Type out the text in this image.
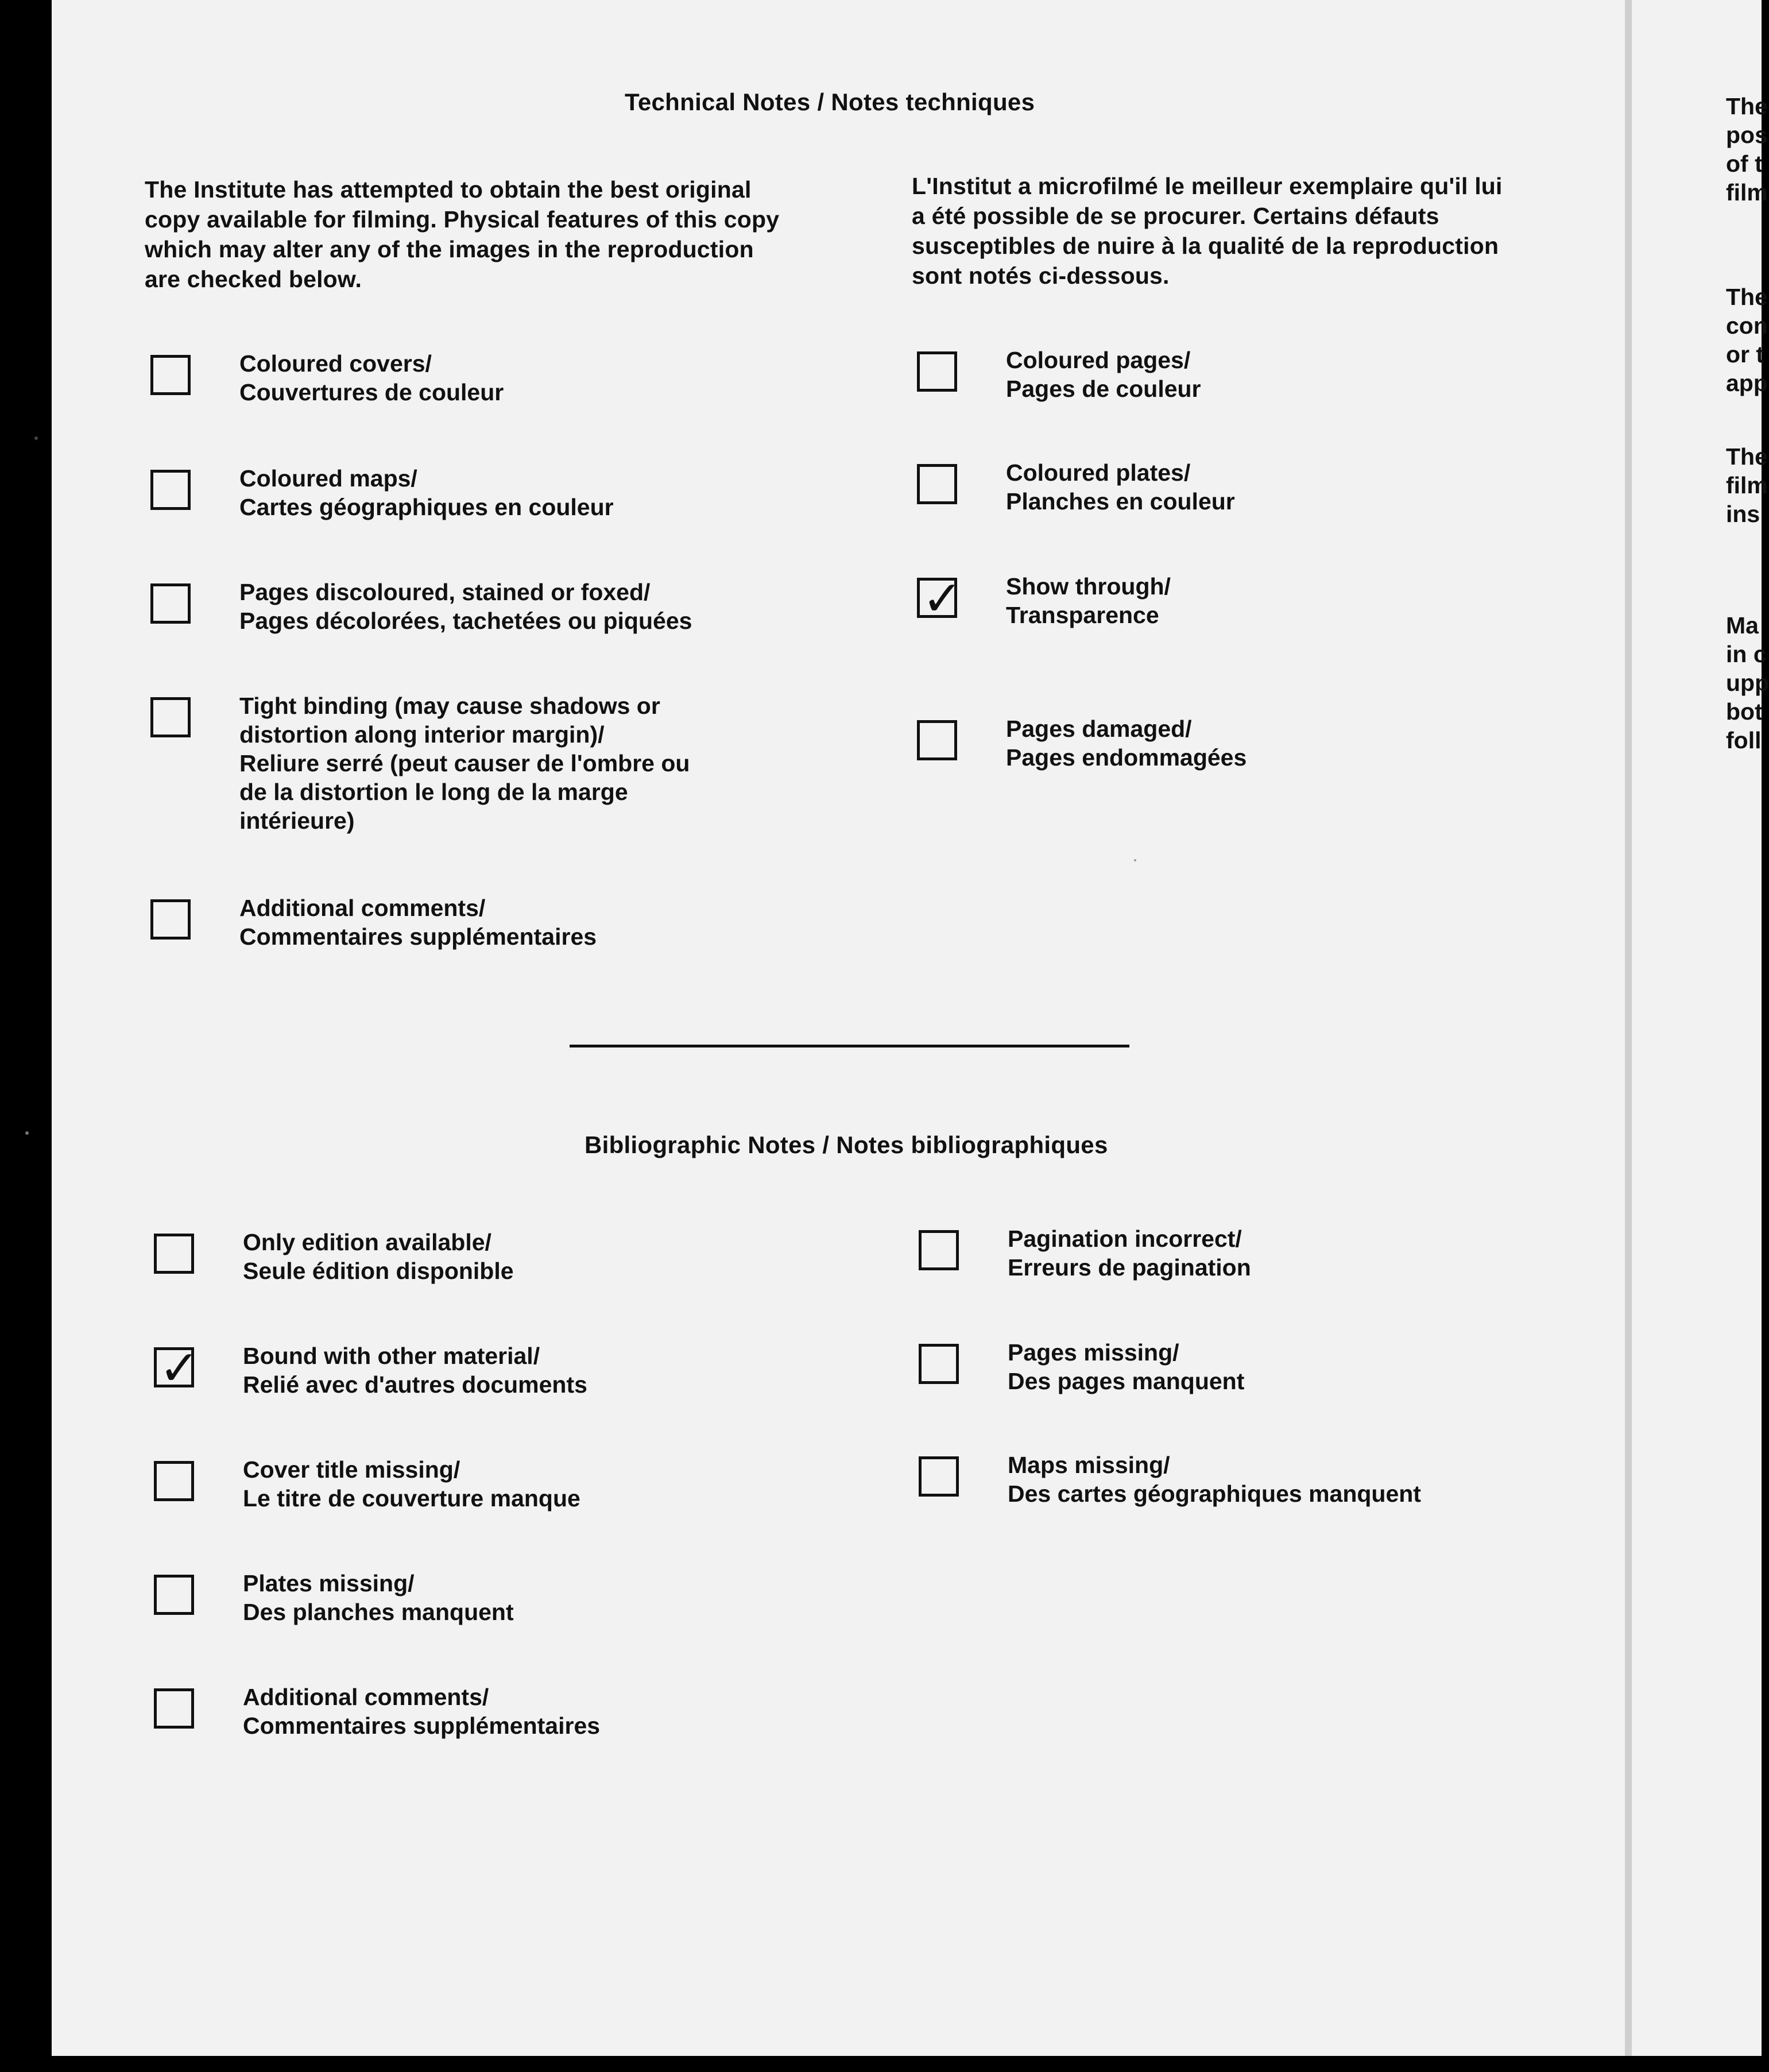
Technical Notes / Notes techniques
The Institute has attempted to obtain the best original copy available for filming. Physical features of this copy which may alter any of the images in the reproduction are checked below.
L'Institut a microfilmé le meilleur exemplaire qu'il lui a été possible de se procurer. Certains défauts susceptibles de nuire à la qualité de la reproduction sont notés ci-dessous.
Coloured covers/
Couvertures de couleur
Coloured maps/
Cartes géographiques en couleur
Pages discoloured, stained or foxed/
Pages décolorées, tachetées ou piquées
Tight binding (may cause shadows or
distortion along interior margin)/
Reliure serré (peut causer de l'ombre ou
de la distortion le long de la marge
intérieure)
Additional comments/
Commentaires supplémentaires
Coloured pages/
Pages de couleur
Coloured plates/
Planches en couleur
✓ Show through/
Transparence
Pages damaged/
Pages endommagées
Bibliographic Notes / Notes bibliographiques
Only edition available/
Seule édition disponible
✓ Bound with other material/
Relié avec d'autres documents
Cover title missing/
Le titre de couverture manque
Plates missing/
Des planches manquent
Additional comments/
Commentaires supplémentaires
Pagination incorrect/
Erreurs de pagination
Pages missing/
Des pages manquent
Maps missing/
Des cartes géographiques manquent
The
pos
of t
film
The
con
or t
app
The
film
ins
Ma
in c
upp
bot
foll
